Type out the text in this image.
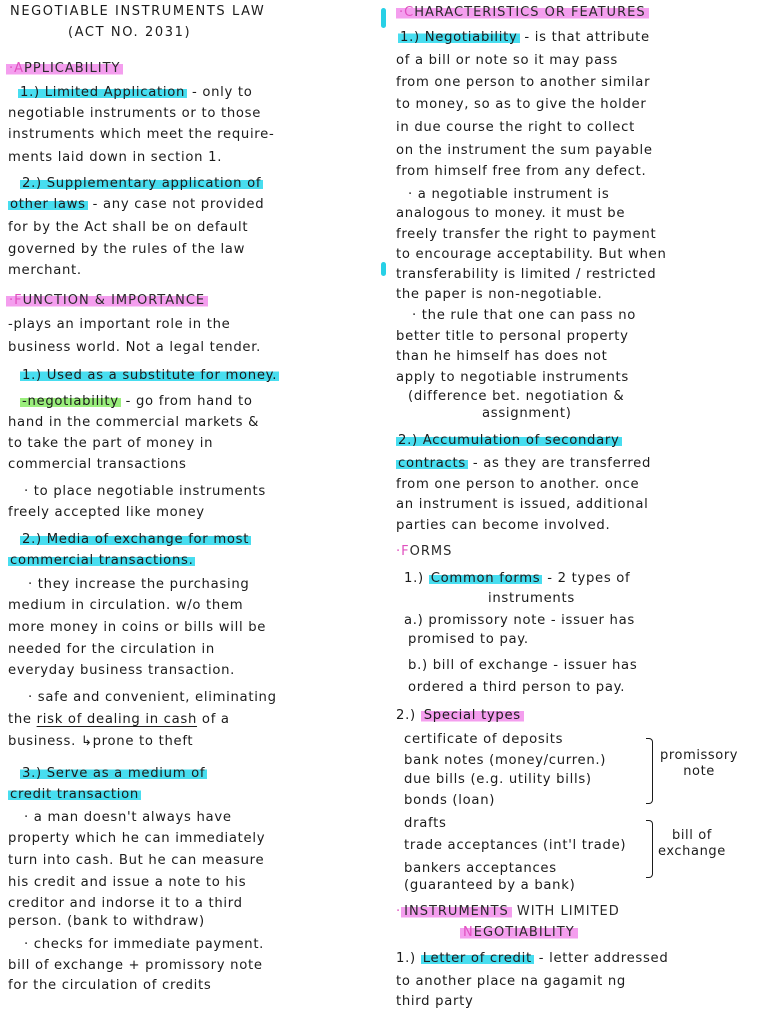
NEGOTIABLE INSTRUMENTS LAW
(ACT NO. 2031)
·APPLICABILITY
1.) Limited Application - only to
negotiable instruments or to those
instruments which meet the require-
ments laid down in section 1.
2.) Supplementary application of
other laws - any case not provided
for by the Act shall be on default
governed by the rules of the law
merchant.
·FUNCTION & IMPORTANCE
-plays an important role in the
business world. Not a legal tender.
1.) Used as a substitute for money.
-negotiability - go from hand to
hand in the commercial markets &
to take the part of money in
commercial transactions
· to place negotiable instruments
freely accepted like money
2.) Media of exchange for most
commercial transactions.
· they increase the purchasing
medium in circulation. w/o them
more money in coins or bills will be
needed for the circulation in
everyday business transaction.
· safe and convenient, eliminating
the risk of dealing in cash of a
business. ↳prone to theft
3.) Serve as a medium of
credit transaction
· a man doesn't always have
property which he can immediately
turn into cash. But he can measure
his credit and issue a note to his
creditor and indorse it to a third
person. (bank to withdraw)
· checks for immediate payment.
bill of exchange + promissory note
for the circulation of credits
·CHARACTERISTICS OR FEATURES
1.) Negotiability - is that attribute
of a bill or note so it may pass
from one person to another similar
to money, so as to give the holder
in due course the right to collect
on the instrument the sum payable
from himself free from any defect.
· a negotiable instrument is
analogous to money. it must be
freely transfer the right to payment
to encourage acceptability. But when
transferability is limited / restricted
the paper is non-negotiable.
· the rule that one can pass no
better title to personal property
than he himself has does not
apply to negotiable instruments
(difference bet. negotiation &
assignment)
2.) Accumulation of secondary
contracts - as they are transferred
from one person to another. once
an instrument is issued, additional
parties can become involved.
·FORMS
1.) Common forms - 2 types of
instruments
a.) promissory note - issuer has
promised to pay.
b.) bill of exchange - issuer has
ordered a third person to pay.
2.) Special types
certificate of deposits
bank notes (money/curren.)
due bills (e.g. utility bills)
bonds (loan)
drafts
trade acceptances (int'l trade)
bankers acceptances
(guaranteed by a bank)
· INSTRUMENTS WITH LIMITED
NEGOTIABILITY
1.) Letter of credit - letter addressed
to another place na gagamit ng
third party
promissory
note
bill of
exchange
